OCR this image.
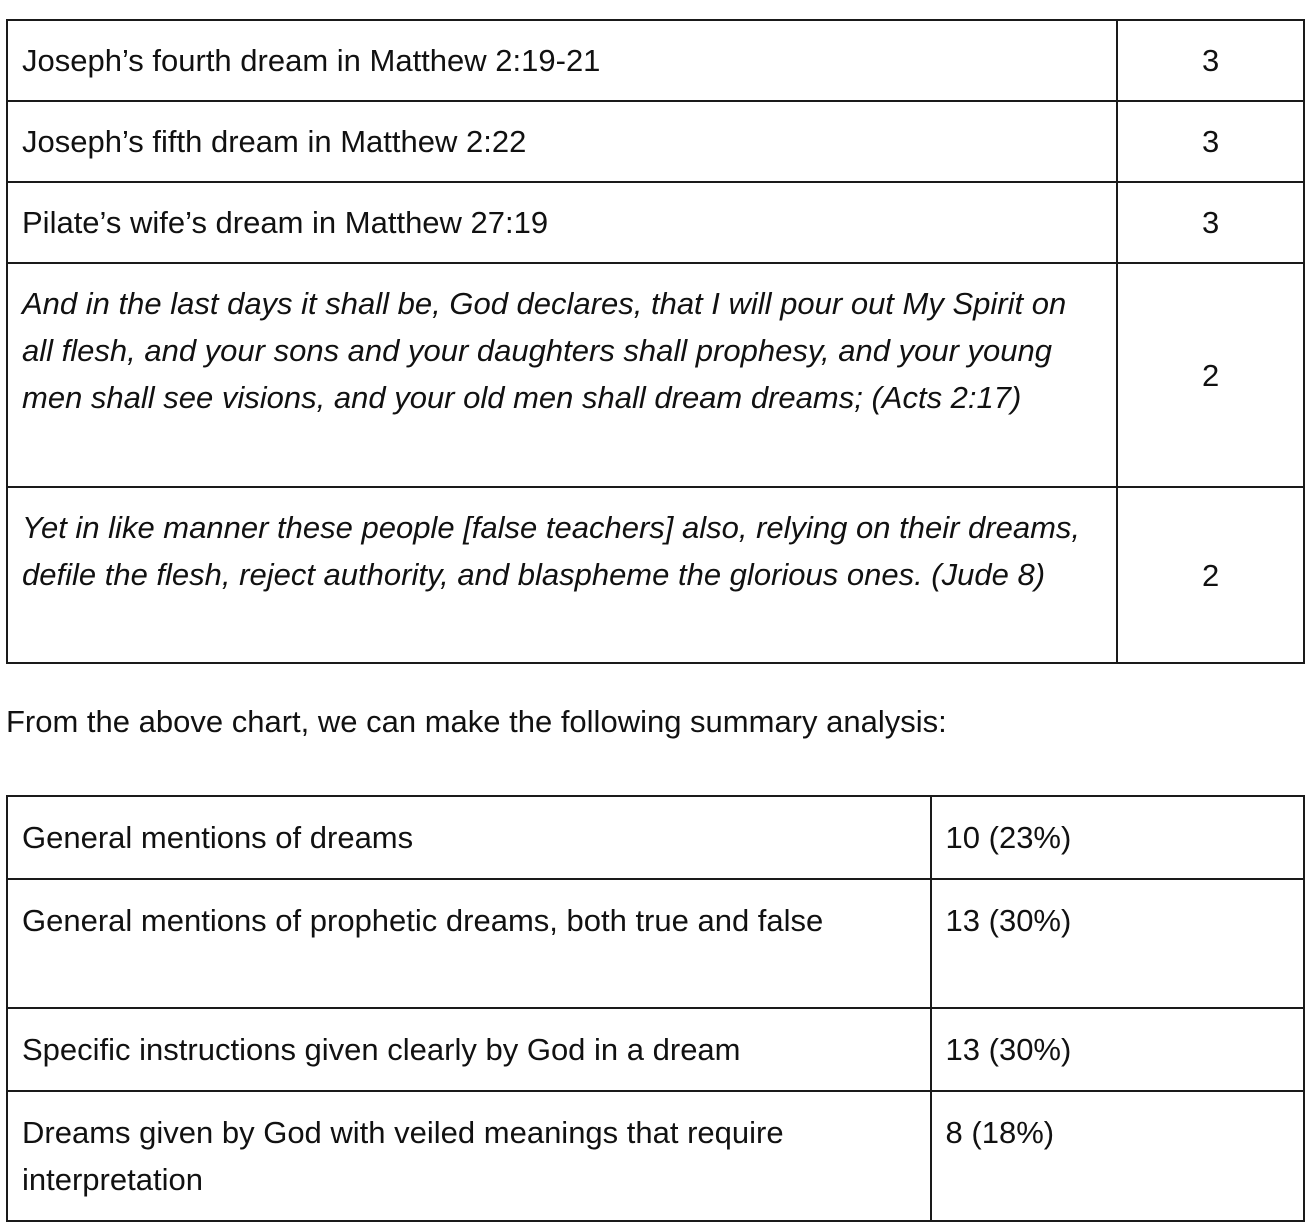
Joseph’s fourth dream in Matthew 2:19-21	3
Joseph’s fifth dream in Matthew 2:22	3
Pilate’s wife’s dream in Matthew 27:19	3
And in the last days it shall be, God declares, that I will pour out My Spirit on all flesh, and your sons and your daughters shall prophesy, and your young men shall see visions, and your old men shall dream dreams; (Acts 2:17)	2
Yet in like manner these people [false teachers] also, relying on their dreams, defile the flesh, reject authority, and blaspheme the glorious ones. (Jude 8)	2

From the above chart, we can make the following summary analysis:

General mentions of dreams	10 (23%)
General mentions of prophetic dreams, both true and false	13 (30%)
Specific instructions given clearly by God in a dream	13 (30%)
Dreams given by God with veiled meanings that require interpretation	8 (18%)
